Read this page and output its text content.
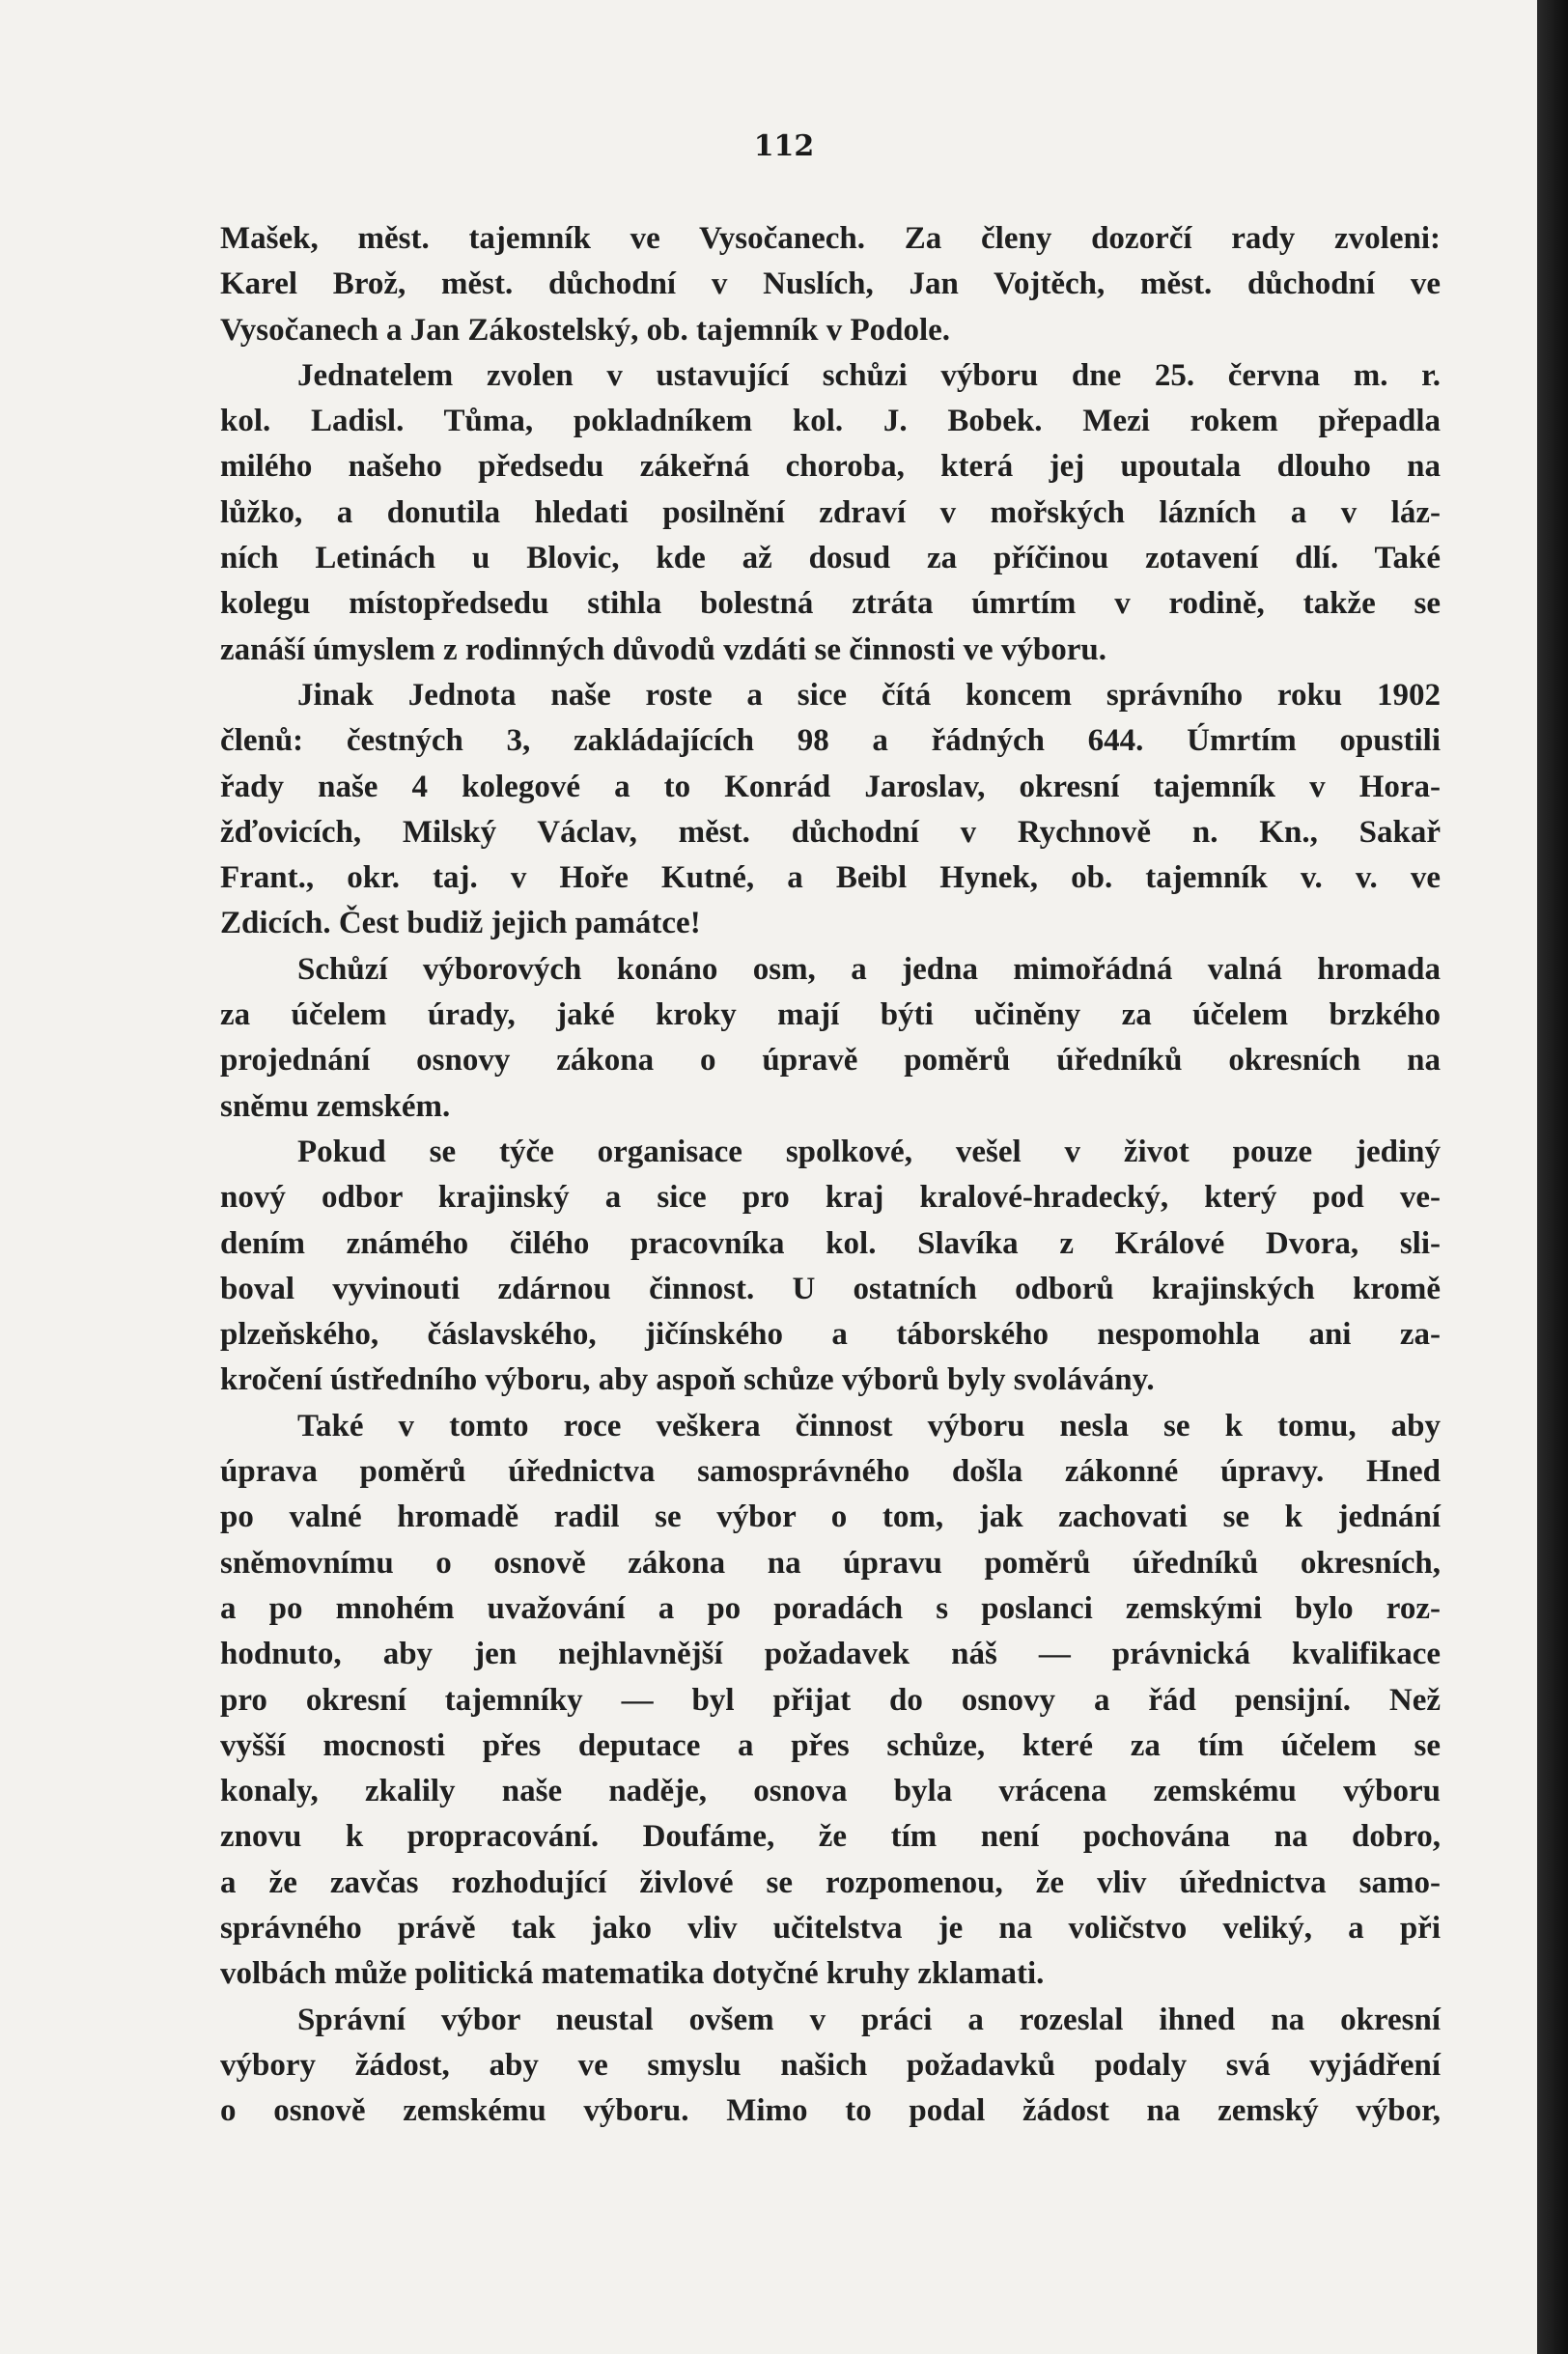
112

Mašek, měst. tajemník ve Vysočanech. Za členy dozorčí rady zvoleni:
Karel Brož, měst. důchodní v Nuslích, Jan Vojtěch, měst. důchodní ve
Vysočanech a Jan Zákostelský, ob. tajemník v Podole.
Jednatelem zvolen v ustavující schůzi výboru dne 25. června m. r.
kol. Ladisl. Tůma, pokladníkem kol. J. Bobek. Mezi rokem přepadla
milého našeho předsedu zákeřná choroba, která jej upoutala dlouho na
lůžko, a donutila hledati posilnění zdraví v mořských lázních a v láz-
ních Letinách u Blovic, kde až dosud za příčinou zotavení dlí. Také
kolegu místopředsedu stihla bolestná ztráta úmrtím v rodině, takže se
zanáší úmyslem z rodinných důvodů vzdáti se činnosti ve výboru.
Jinak Jednota naše roste a sice čítá koncem správního roku 1902
členů: čestných 3, zakládajících 98 a řádných 644. Úmrtím opustili
řady naše 4 kolegové a to Konrád Jaroslav, okresní tajemník v Hora-
žďovicích, Milský Václav, měst. důchodní v Rychnově n. Kn., Sakař
Frant., okr. taj. v Hoře Kutné, a Beibl Hynek, ob. tajemník v. v. ve
Zdicích. Čest budiž jejich památce!
Schůzí výborových konáno osm, a jedna mimořádná valná hromada
za účelem úrady, jaké kroky mají býti učiněny za účelem brzkého
projednání osnovy zákona o úpravě poměrů úředníků okresních na
sněmu zemském.
Pokud se týče organisace spolkové, vešel v život pouze jediný
nový odbor krajinský a sice pro kraj kralové-hradecký, který pod ve-
dením známého čilého pracovníka kol. Slavíka z Králové Dvora, sli-
boval vyvinouti zdárnou činnost. U ostatních odborů krajinských kromě
plzeňského, čáslavského, jičínského a táborského nespomohla ani za-
kročení ústředního výboru, aby aspoň schůze výborů byly svolávány.
Také v tomto roce veškera činnost výboru nesla se k tomu, aby
úprava poměrů úřednictva samosprávného došla zákonné úpravy. Hned
po valné hromadě radil se výbor o tom, jak zachovati se k jednání
sněmovnímu o osnově zákona na úpravu poměrů úředníků okresních,
a po mnohém uvažování a po poradách s poslanci zemskými bylo roz-
hodnuto, aby jen nejhlavnější požadavek náš — právnická kvalifikace
pro okresní tajemníky — byl přijat do osnovy a řád pensijní. Než
vyšší mocnosti přes deputace a přes schůze, které za tím účelem se
konaly, zkalily naše naděje, osnova byla vrácena zemskému výboru
znovu k propracování. Doufáme, že tím není pochována na dobro,
a že zavčas rozhodující živlové se rozpomenou, že vliv úřednictva samo-
správného právě tak jako vliv učitelstva je na voličstvo veliký, a při
volbách může politická matematika dotyčné kruhy zklamati.
Správní výbor neustal ovšem v práci a rozeslal ihned na okresní
výbory žádost, aby ve smyslu našich požadavků podaly svá vyjádření
o osnově zemskému výboru. Mimo to podal žádost na zemský výbor,
